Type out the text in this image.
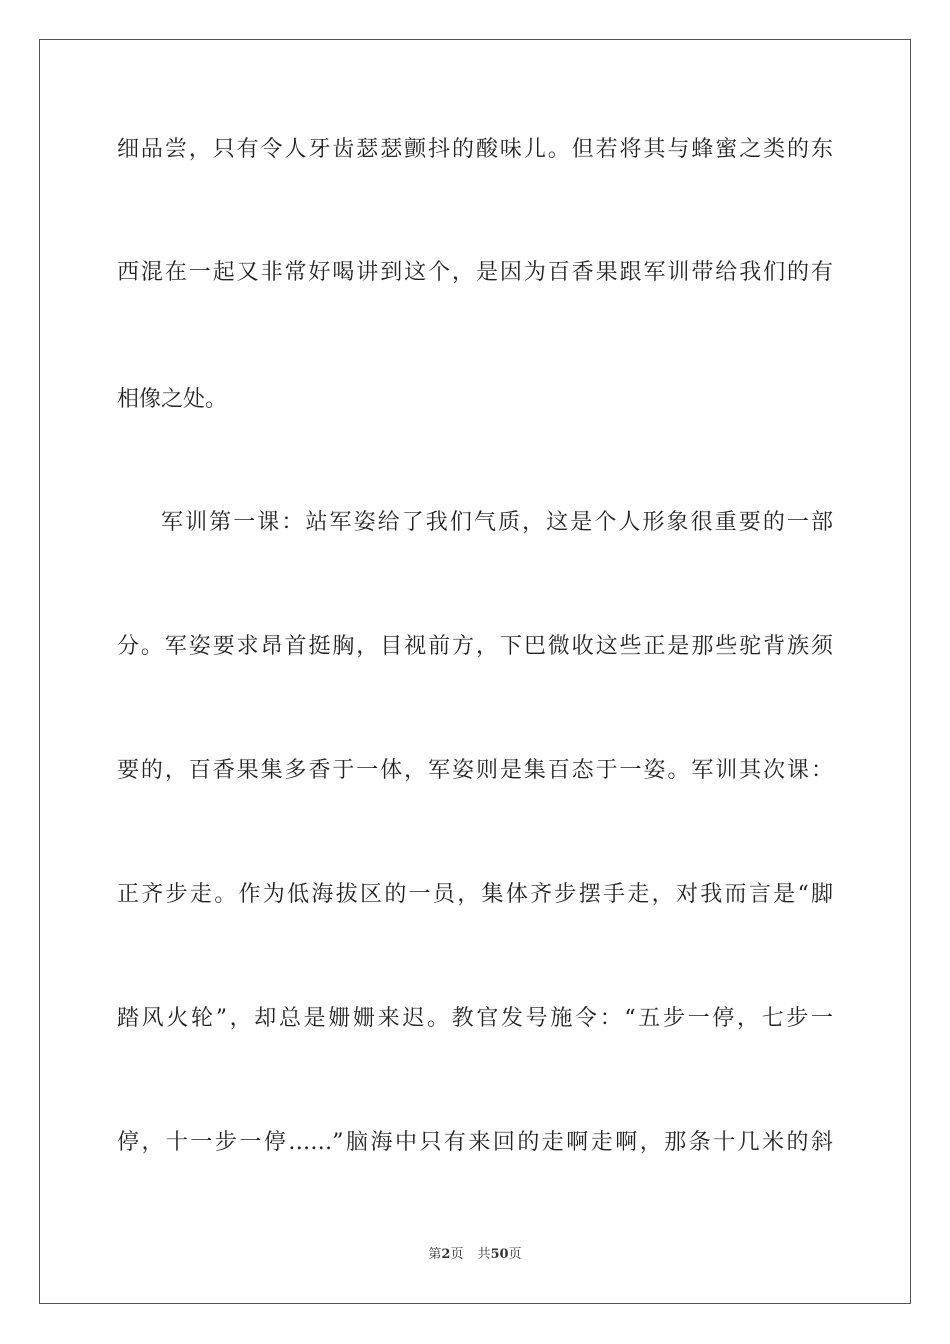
细品尝，只有令人牙齿瑟瑟颤抖的酸味儿。但若将其与蜂蜜之类的东
西混在一起又非常好喝讲到这个，是因为百香果跟军训带给我们的有
相像之处。
军训第一课：站军姿给了我们气质，这是个人形象很重要的一部
分。军姿要求昂首挺胸，目视前方，下巴微收这些正是那些驼背族须
要的，百香果集多香于一体，军姿则是集百态于一姿。军训其次课：
正齐步走。作为低海拔区的一员，集体齐步摆手走，对我而言是“脚
踏风火轮”，却总是姗姗来迟。教官发号施令：“五步一停，七步一
停，十一步一停……”脑海中只有来回的走啊走啊，那条十几米的斜
第2页 共50页
